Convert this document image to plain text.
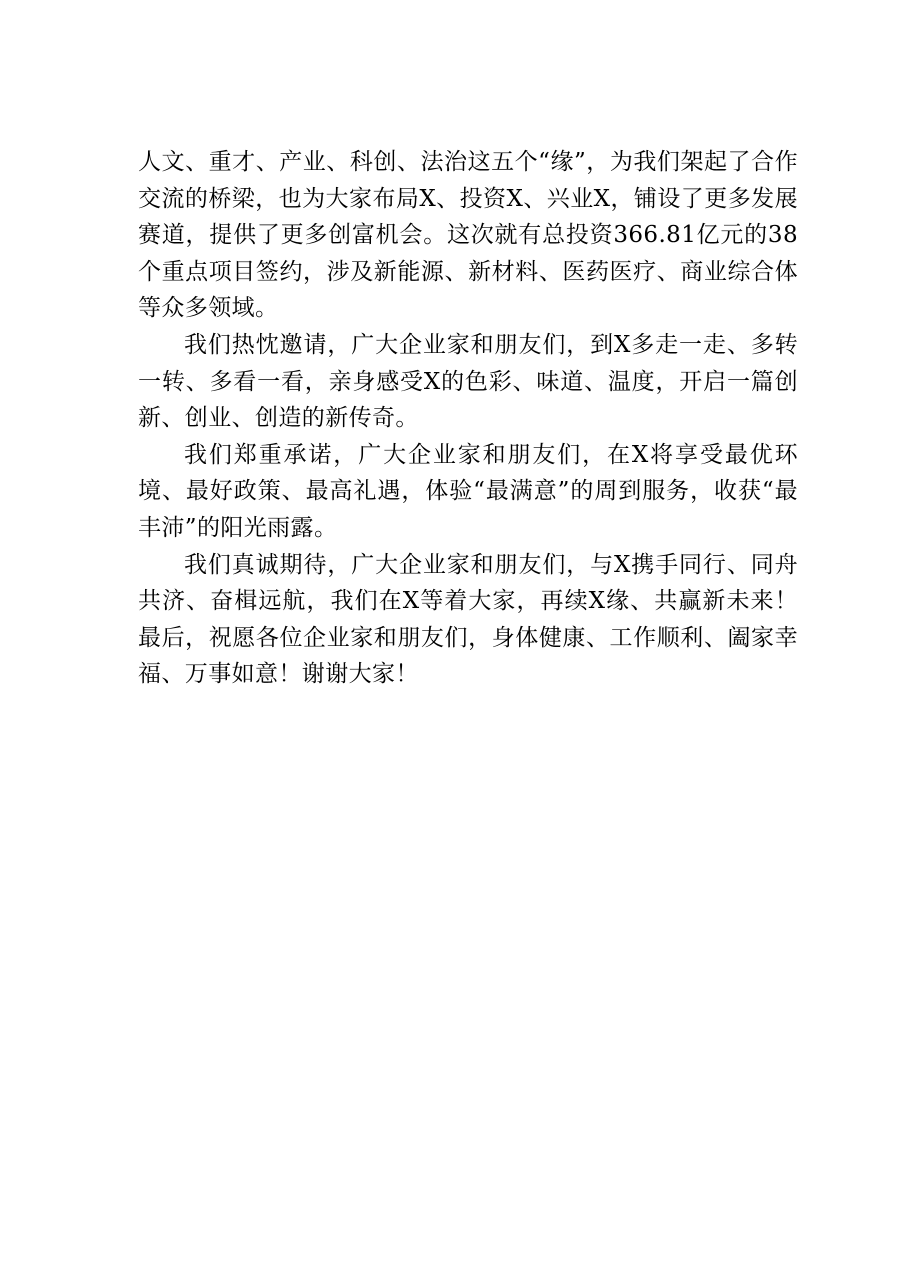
人文、重才、产业、科创、法治这五个“缘”，为我们架起了合作交流的桥梁，也为大家布局X、投资X、兴业X，铺设了更多发展赛道，提供了更多创富机会。这次就有总投资366.81亿元的38个重点项目签约，涉及新能源、新材料、医药医疗、商业综合体等众多领域。

我们热忱邀请，广大企业家和朋友们，到X多走一走、多转一转、多看一看，亲身感受X的色彩、味道、温度，开启一篇创新、创业、创造的新传奇。

我们郑重承诺，广大企业家和朋友们，在X将享受最优环境、最好政策、最高礼遇，体验“最满意”的周到服务，收获“最丰沛”的阳光雨露。

我们真诚期待，广大企业家和朋友们，与X携手同行、同舟共济、奋楫远航，我们在X等着大家，再续X缘、共赢新未来！最后，祝愿各位企业家和朋友们，身体健康、工作顺利、阖家幸福、万事如意！谢谢大家！
